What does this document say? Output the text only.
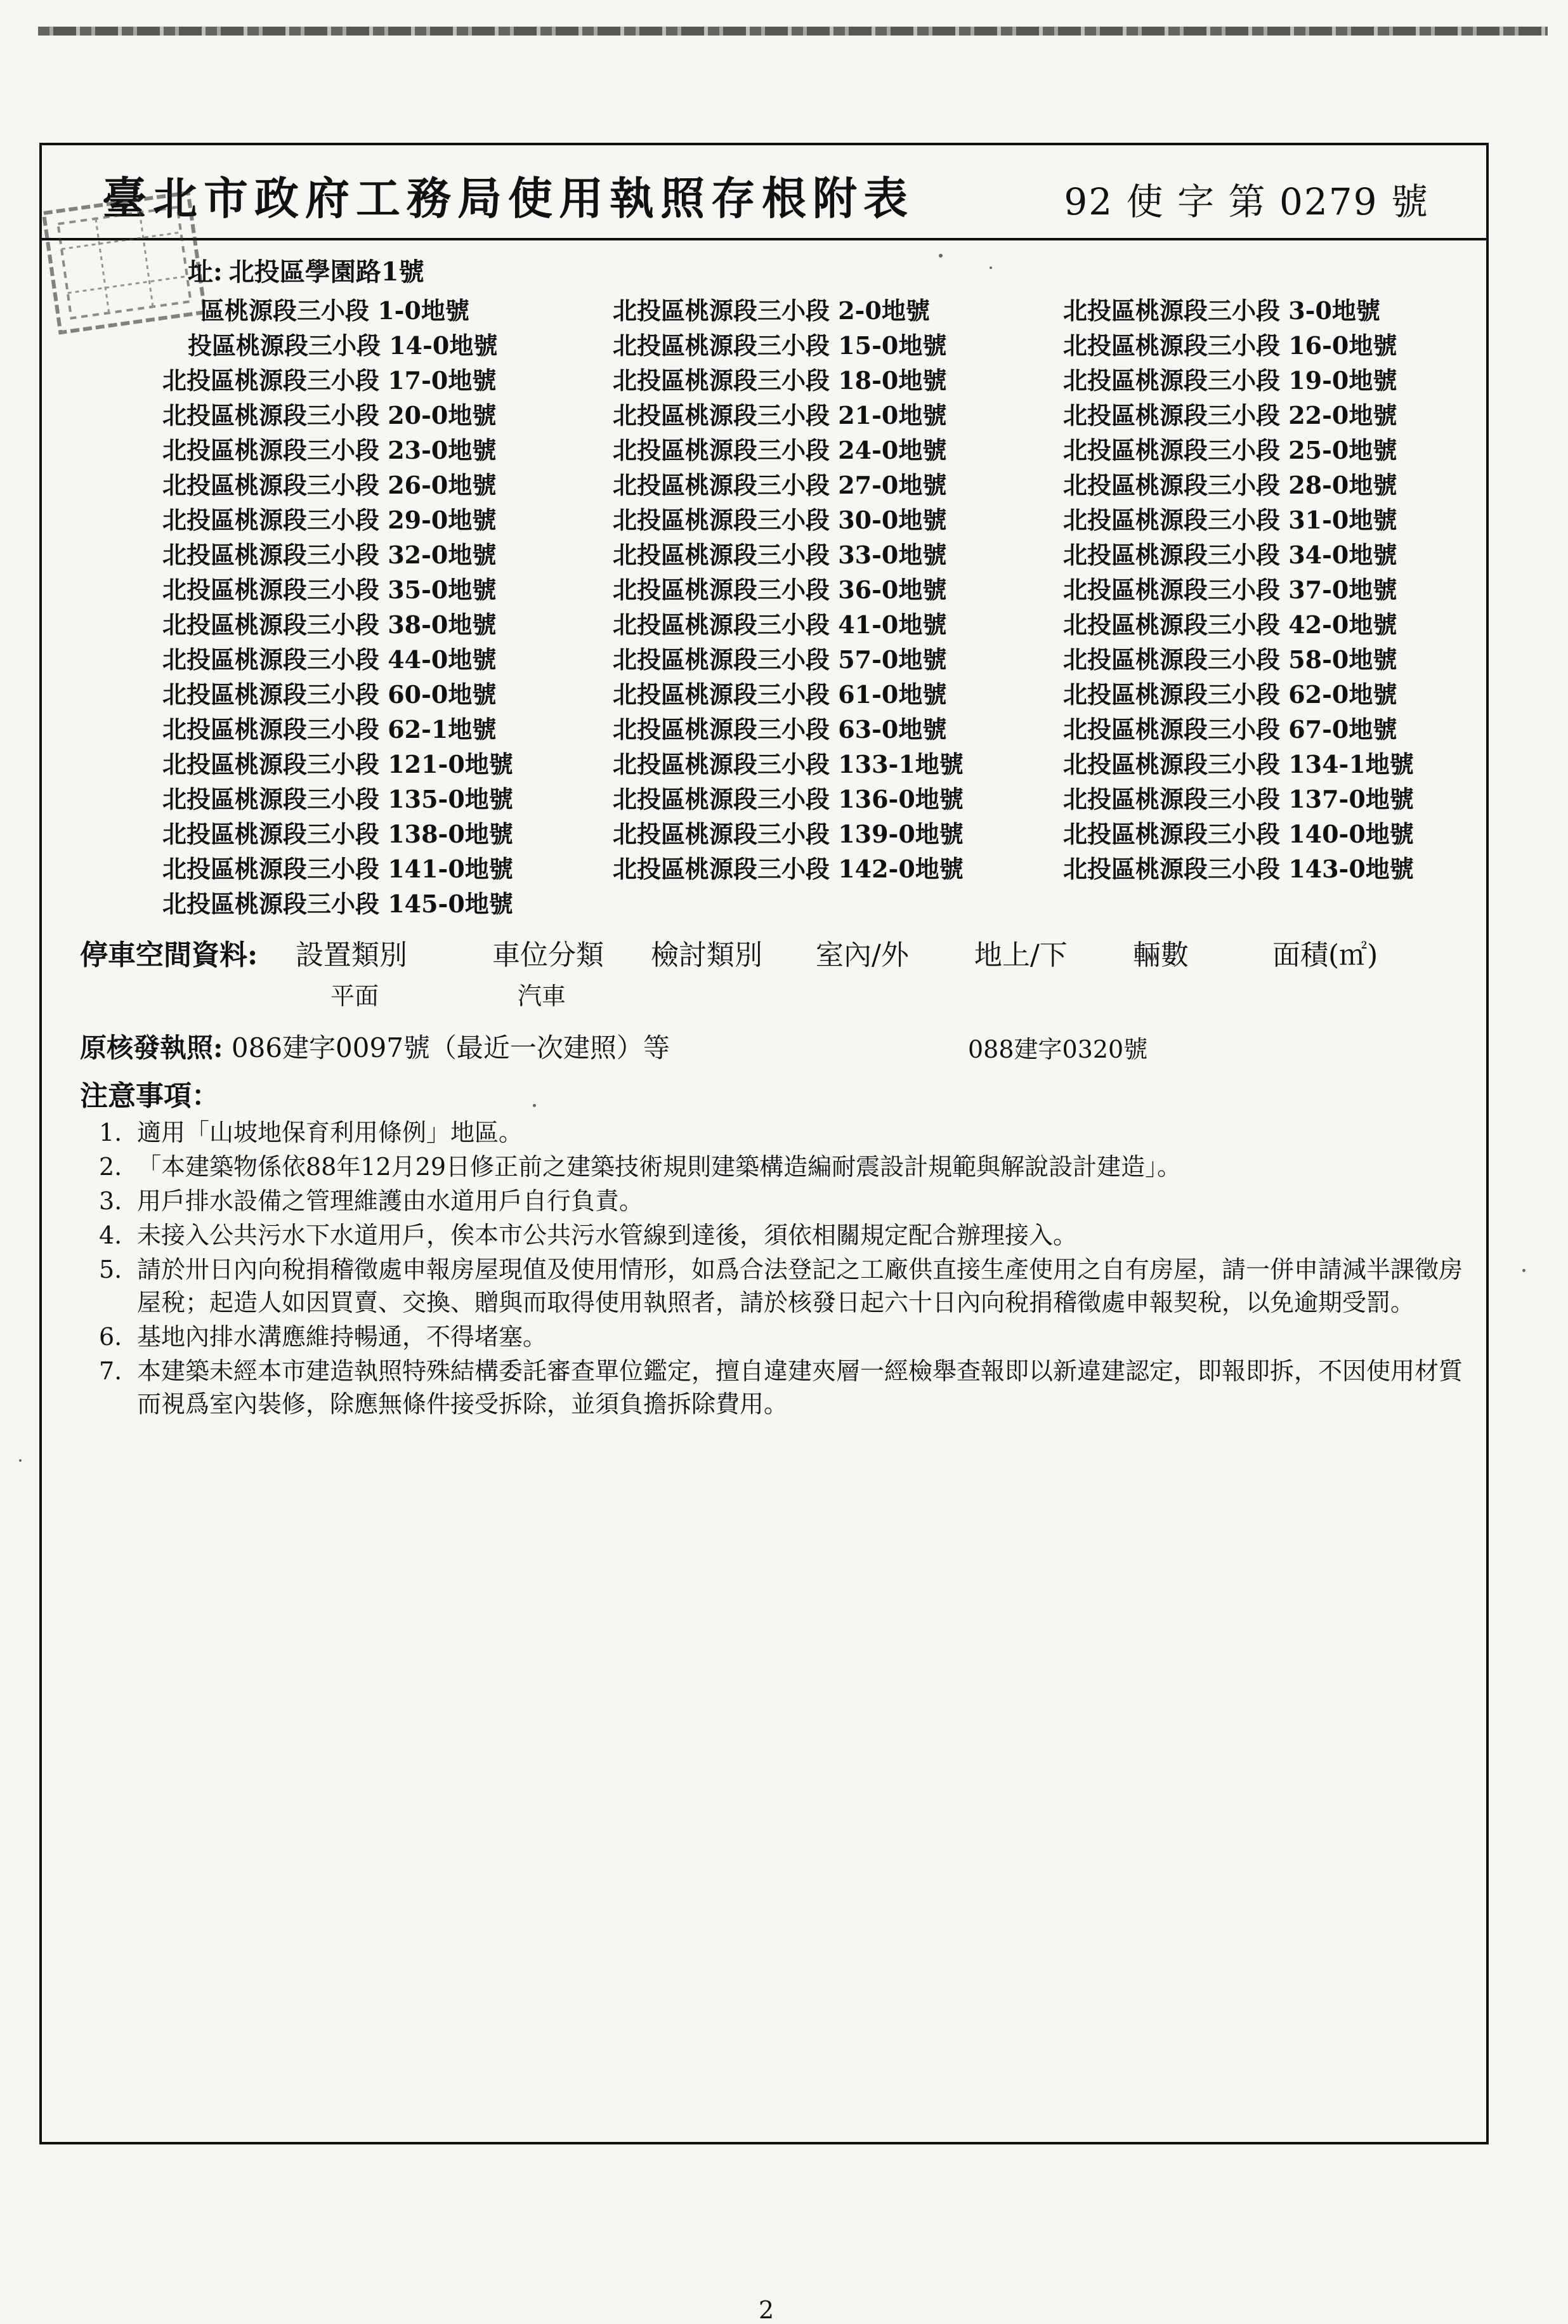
臺北市政府工務局使用執照存根附表	92 使 字 第 0279 號
址: 北投區學園路1號
區桃源段三小段 1-0地號	北投區桃源段三小段 2-0地號	北投區桃源段三小段 3-0地號
投區桃源段三小段 14-0地號	北投區桃源段三小段 15-0地號	北投區桃源段三小段 16-0地號
北投區桃源段三小段 17-0地號	北投區桃源段三小段 18-0地號	北投區桃源段三小段 19-0地號
北投區桃源段三小段 20-0地號	北投區桃源段三小段 21-0地號	北投區桃源段三小段 22-0地號
北投區桃源段三小段 23-0地號	北投區桃源段三小段 24-0地號	北投區桃源段三小段 25-0地號
北投區桃源段三小段 26-0地號	北投區桃源段三小段 27-0地號	北投區桃源段三小段 28-0地號
北投區桃源段三小段 29-0地號	北投區桃源段三小段 30-0地號	北投區桃源段三小段 31-0地號
北投區桃源段三小段 32-0地號	北投區桃源段三小段 33-0地號	北投區桃源段三小段 34-0地號
北投區桃源段三小段 35-0地號	北投區桃源段三小段 36-0地號	北投區桃源段三小段 37-0地號
北投區桃源段三小段 38-0地號	北投區桃源段三小段 41-0地號	北投區桃源段三小段 42-0地號
北投區桃源段三小段 44-0地號	北投區桃源段三小段 57-0地號	北投區桃源段三小段 58-0地號
北投區桃源段三小段 60-0地號	北投區桃源段三小段 61-0地號	北投區桃源段三小段 62-0地號
北投區桃源段三小段 62-1地號	北投區桃源段三小段 63-0地號	北投區桃源段三小段 67-0地號
北投區桃源段三小段 121-0地號	北投區桃源段三小段 133-1地號	北投區桃源段三小段 134-1地號
北投區桃源段三小段 135-0地號	北投區桃源段三小段 136-0地號	北投區桃源段三小段 137-0地號
北投區桃源段三小段 138-0地號	北投區桃源段三小段 139-0地號	北投區桃源段三小段 140-0地號
北投區桃源段三小段 141-0地號	北投區桃源段三小段 142-0地號	北投區桃源段三小段 143-0地號
北投區桃源段三小段 145-0地號
停車空間資料: 設置類別	車位分類 檢討類別 室內/外 地上/下 輛數	面積(㎡)
平面	汽車
原核發執照: 086建字0097號（最近一次建照）等	088建字0320號
注意事項：
1. 適用「山坡地保育利用條例」地區。
2. 「本建築物係依88年12月29日修正前之建築技術規則建築構造編耐震設計規範與解說設計建造」。
3. 用戶排水設備之管理維護由水道用戶自行負責。
4. 未接入公共污水下水道用戶，俟本市公共污水管線到達後，須依相關規定配合辦理接入。
5. 請於卅日內向稅捐稽徵處申報房屋現值及使用情形，如爲合法登記之工廠供直接生產使用之自有房屋，請一併申請減半課徵房屋稅；起造人如因買賣、交換、贈與而取得使用執照者，請於核發日起六十日內向稅捐稽徵處申報契稅，以免逾期受罰。
6. 基地內排水溝應維持暢通，不得堵塞。
7. 本建築未經本市建造執照特殊結構委託審查單位鑑定，擅自違建夾層一經檢舉查報即以新違建認定，即報即拆，不因使用材質而視爲室內裝修，除應無條件接受拆除，並須負擔拆除費用。
2
